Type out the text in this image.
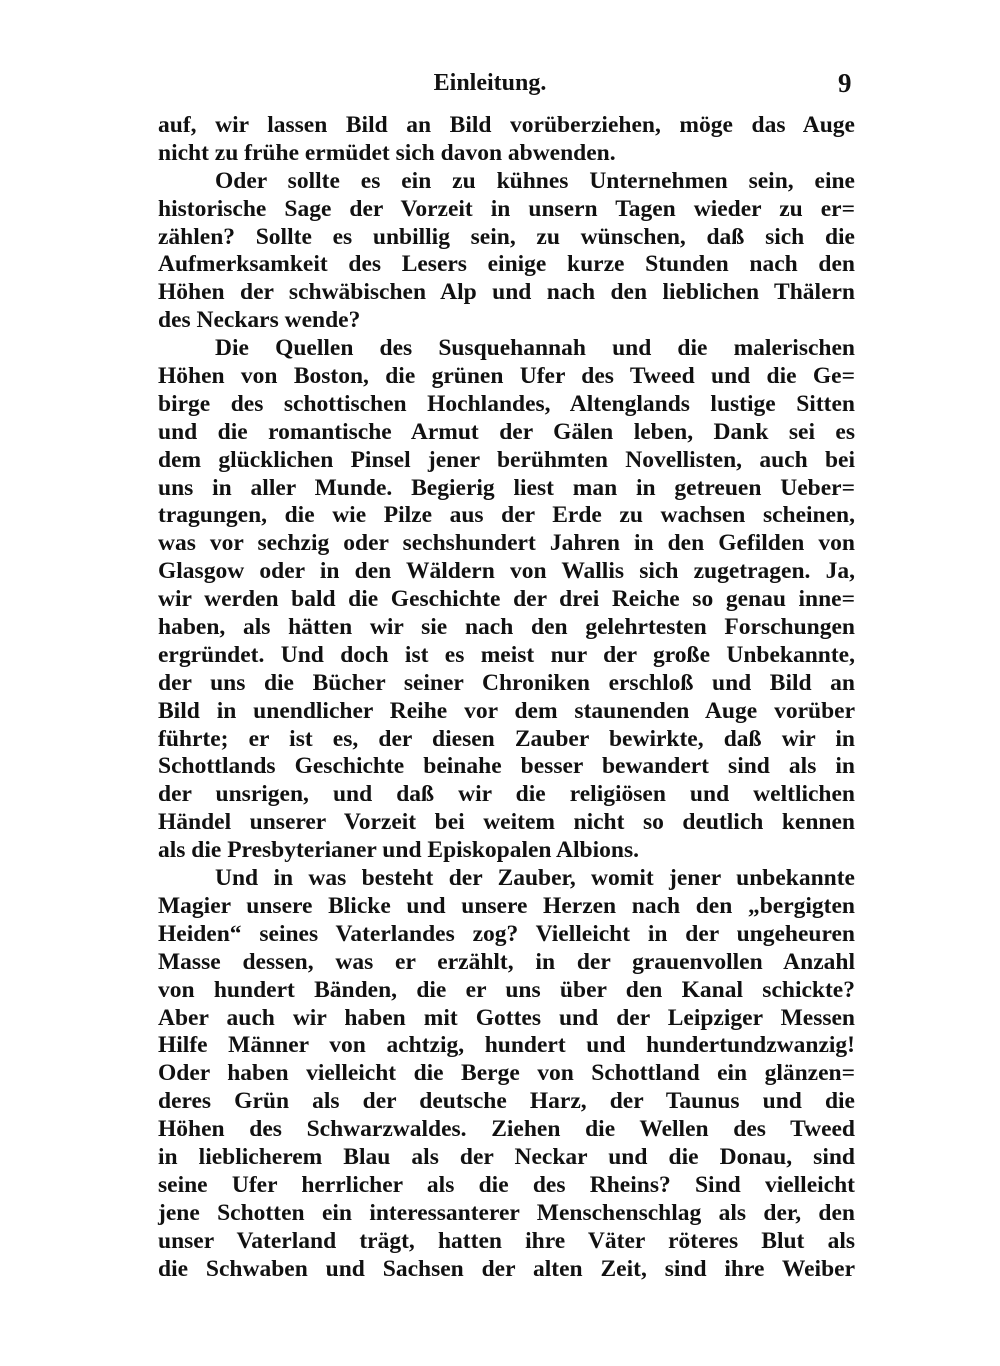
Einleitung.	9
auf, wir lassen Bild an Bild vorüberziehen, möge das Auge
nicht zu frühe ermüdet sich davon abwenden.
Oder sollte es ein zu kühnes Unternehmen sein, eine
historische Sage der Vorzeit in unsern Tagen wieder zu er=
zählen? Sollte es unbillig sein, zu wünschen, daß sich die
Aufmerksamkeit des Lesers einige kurze Stunden nach den
Höhen der schwäbischen Alp und nach den lieblichen Thälern
des Neckars wende?
Die Quellen des Susquehannah und die malerischen
Höhen von Boston, die grünen Ufer des Tweed und die Ge=
birge des schottischen Hochlandes, Altenglands lustige Sitten
und die romantische Armut der Gälen leben, Dank sei es
dem glücklichen Pinsel jener berühmten Novellisten, auch bei
uns in aller Munde. Begierig liest man in getreuen Ueber=
tragungen, die wie Pilze aus der Erde zu wachsen scheinen,
was vor sechzig oder sechshundert Jahren in den Gefilden von
Glasgow oder in den Wäldern von Wallis sich zugetragen. Ja,
wir werden bald die Geschichte der drei Reiche so genau inne=
haben, als hätten wir sie nach den gelehrtesten Forschungen
ergründet. Und doch ist es meist nur der große Unbekannte,
der uns die Bücher seiner Chroniken erschloß und Bild an
Bild in unendlicher Reihe vor dem staunenden Auge vorüber
führte; er ist es, der diesen Zauber bewirkte, daß wir in
Schottlands Geschichte beinahe besser bewandert sind als in
der unsrigen, und daß wir die religiösen und weltlichen
Händel unserer Vorzeit bei weitem nicht so deutlich kennen
als die Presbyterianer und Episkopalen Albions.
Und in was besteht der Zauber, womit jener unbekannte
Magier unsere Blicke und unsere Herzen nach den „bergigten
Heiden“ seines Vaterlandes zog? Vielleicht in der ungeheuren
Masse dessen, was er erzählt, in der grauenvollen Anzahl
von hundert Bänden, die er uns über den Kanal schickte?
Aber auch wir haben mit Gottes und der Leipziger Messen
Hilfe Männer von achtzig, hundert und hundertundzwanzig!
Oder haben vielleicht die Berge von Schottland ein glänzen=
deres Grün als der deutsche Harz, der Taunus und die
Höhen des Schwarzwaldes. Ziehen die Wellen des Tweed
in lieblicherem Blau als der Neckar und die Donau, sind
seine Ufer herrlicher als die des Rheins? Sind vielleicht
jene Schotten ein interessanterer Menschenschlag als der, den
unser Vaterland trägt, hatten ihre Väter röteres Blut als
die Schwaben und Sachsen der alten Zeit, sind ihre Weiber
